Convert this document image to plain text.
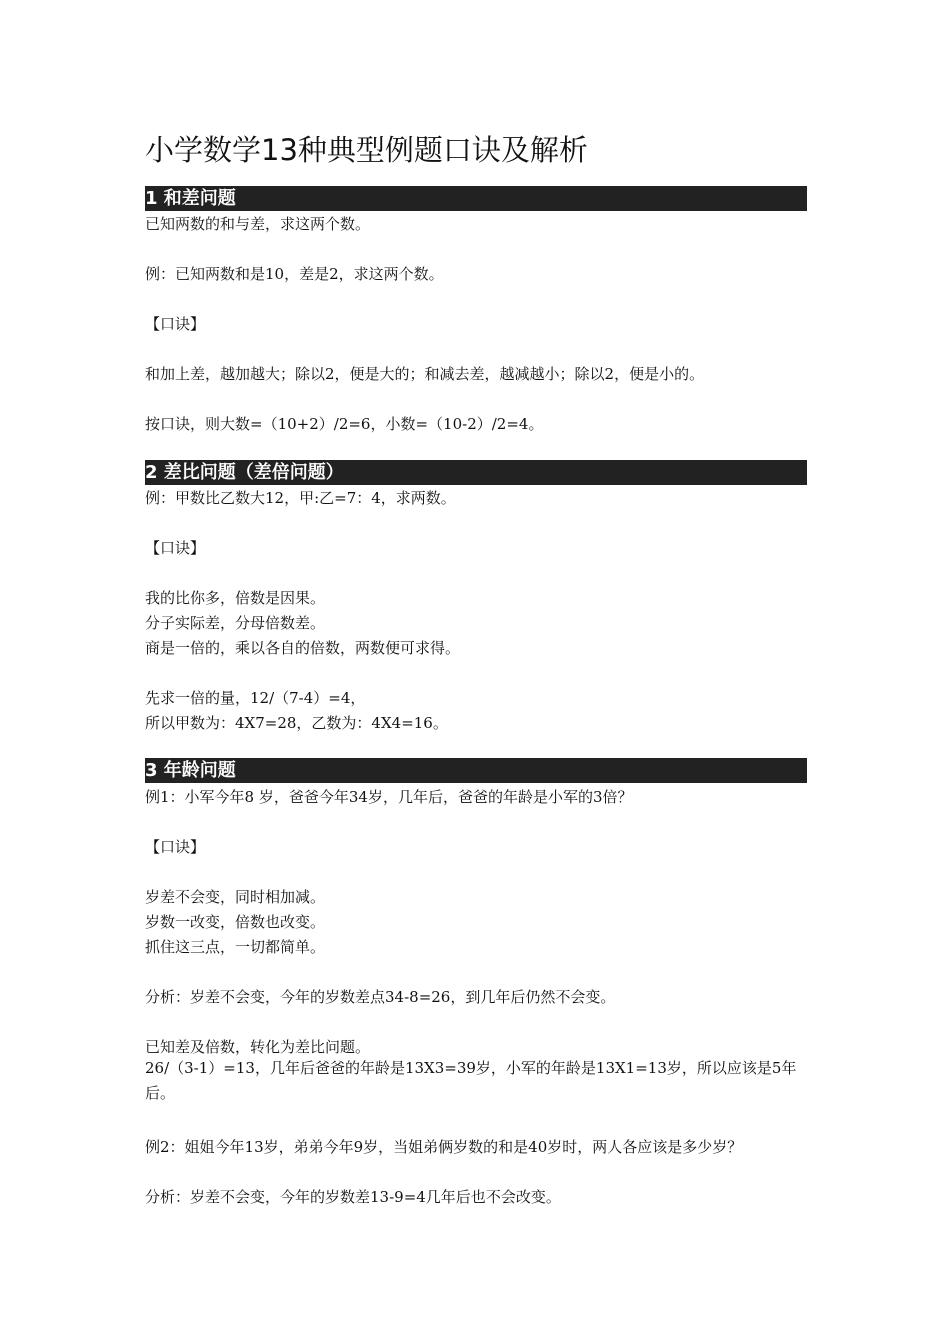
小学数学13种典型例题口诀及解析
1 和差问题
已知两数的和与差，求这两个数。
例：已知两数和是10，差是2，求这两个数。
【口诀】
和加上差，越加越大；除以2，便是大的；和减去差，越减越小；除以2，便是小的。
按口诀，则大数=（10+2）/2=6，小数=（10-2）/2=4。
2 差比问题（差倍问题）
例：甲数比乙数大12，甲:乙=7：4，求两数。
【口诀】
我的比你多，倍数是因果。
分子实际差，分母倍数差。
商是一倍的，乘以各自的倍数，两数便可求得。
先求一倍的量，12/（7-4）=4，
所以甲数为：4X7=28，乙数为：4X4=16。
3 年龄问题
例1：小军今年8 岁，爸爸今年34岁，几年后，爸爸的年龄是小军的3倍？
【口诀】
岁差不会变，同时相加减。
岁数一改变，倍数也改变。
抓住这三点，一切都简单。
分析：岁差不会变，今年的岁数差点34-8=26，到几年后仍然不会变。
已知差及倍数，转化为差比问题。
26/（3-1）=13，几年后爸爸的年龄是13X3=39岁，小军的年龄是13X1=13岁，所以应该是5年后。
例2：姐姐今年13岁，弟弟今年9岁，当姐弟俩岁数的和是40岁时，两人各应该是多少岁？
分析：岁差不会变，今年的岁数差13-9=4几年后也不会改变。
